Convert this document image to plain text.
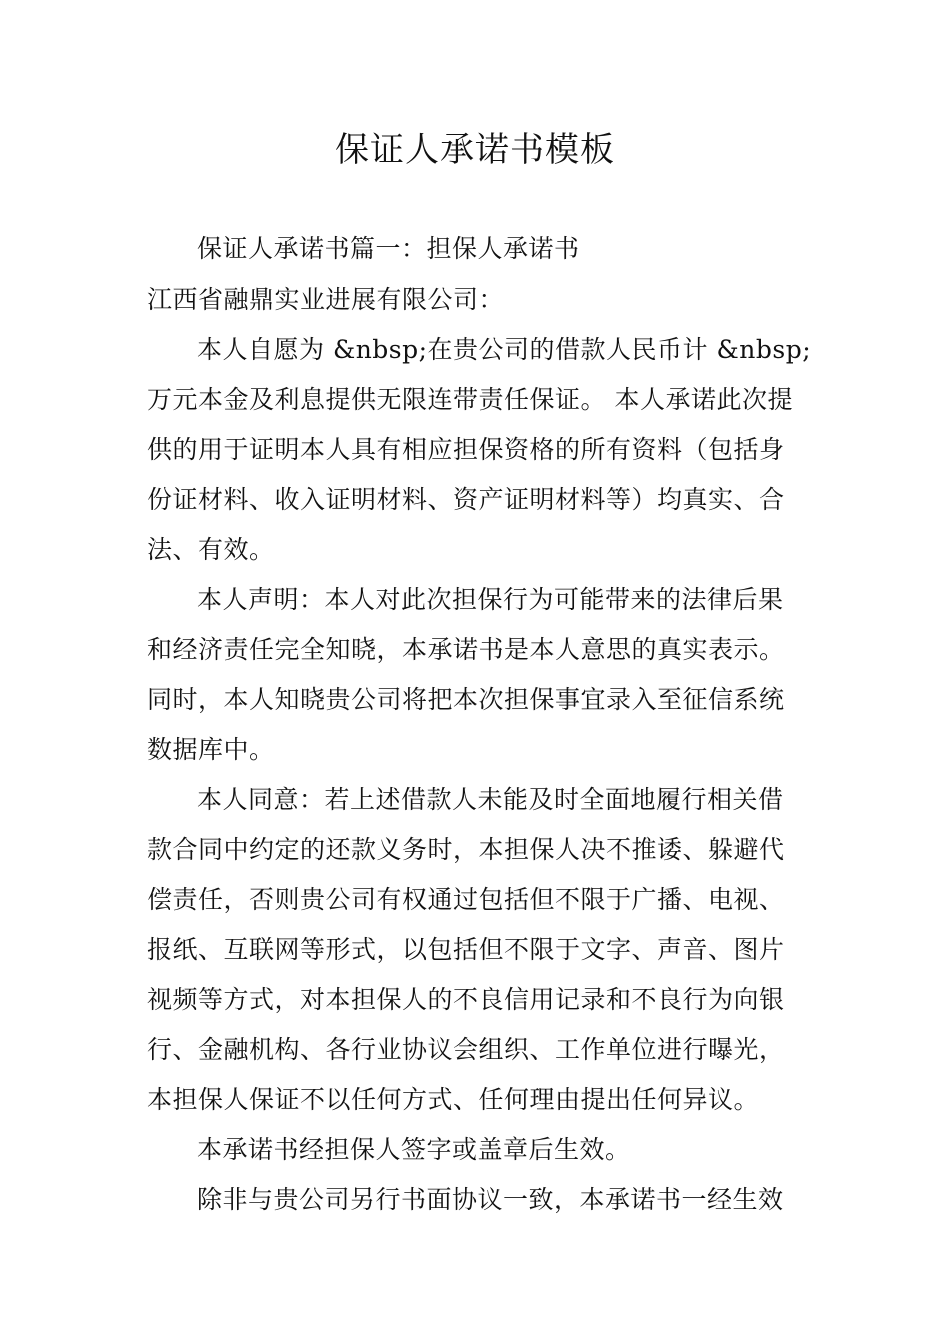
保证人承诺书模板

保证人承诺书篇一：担保人承诺书

江西省融鼎实业进展有限公司：

本人自愿为 &nbsp;在贵公司的借款人民币计 &nbsp;

万元本金及利息提供无限连带责任保证。 本人承诺此次提

供的用于证明本人具有相应担保资格的所有资料（包括身

份证材料、收入证明材料、资产证明材料等）均真实、合

法、有效。

本人声明：本人对此次担保行为可能带来的法律后果

和经济责任完全知晓，本承诺书是本人意思的真实表示。

同时，本人知晓贵公司将把本次担保事宜录入至征信系统

数据库中。

本人同意：若上述借款人未能及时全面地履行相关借

款合同中约定的还款义务时，本担保人决不推诿、躲避代

偿责任，否则贵公司有权通过包括但不限于广播、电视、

报纸、互联网等形式，以包括但不限于文字、声音、图片

视频等方式，对本担保人的不良信用记录和不良行为向银

行、金融机构、各行业协议会组织、工作单位进行曝光，

本担保人保证不以任何方式、任何理由提出任何异议。

本承诺书经担保人签字或盖章后生效。

除非与贵公司另行书面协议一致，本承诺书一经生效
